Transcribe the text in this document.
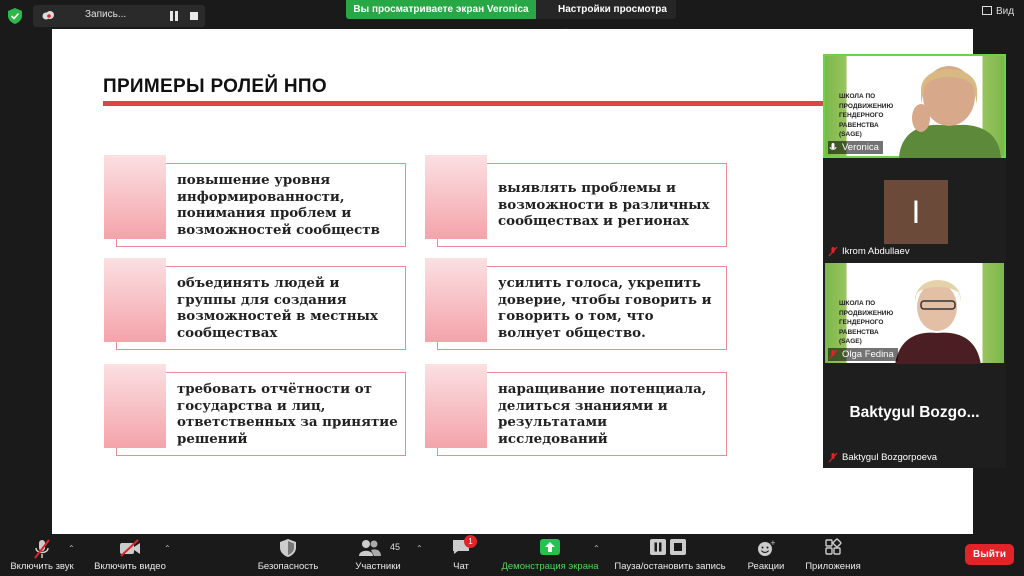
Запись...	Вы просматриваете экран Veronica	Настройки просмотра	Вид
ПРИМЕРЫ РОЛЕЙ НПО
повышение уровня информированности, понимания проблем и возможностей сообществ
выявлять проблемы и возможности в различных сообществах и регионах
объединять людей и группы для создания возможностей в местных сообществах
усилить голоса, укрепить доверие, чтобы говорить и говорить о том, что волнует общество.
требовать отчётности от государства и лиц, ответственных за принятие решений
наращивание потенциала, делиться знаниями и результатами исследований
ШКОЛА ПО ПРОДВИЖЕНИЮ ГЕНДЕРНОГО РАВЕНСТВА (SAGE)
Veronica
I
Ikrom Abdullaev
ШКОЛА ПО ПРОДВИЖЕНИЮ ГЕНДЕРНОГО РАВЕНСТВА (SAGE)
Olga Fedina
Baktygul Bozgo...
Baktygul Bozgorpoeva
Включить звук
⌃
Включить видео
⌃
Безопасность
45
Участники
⌃
1
Чат	Демонстрация экрана
⌃
Пауза/остановить запись
+
Реакции	Приложения
Выйти
